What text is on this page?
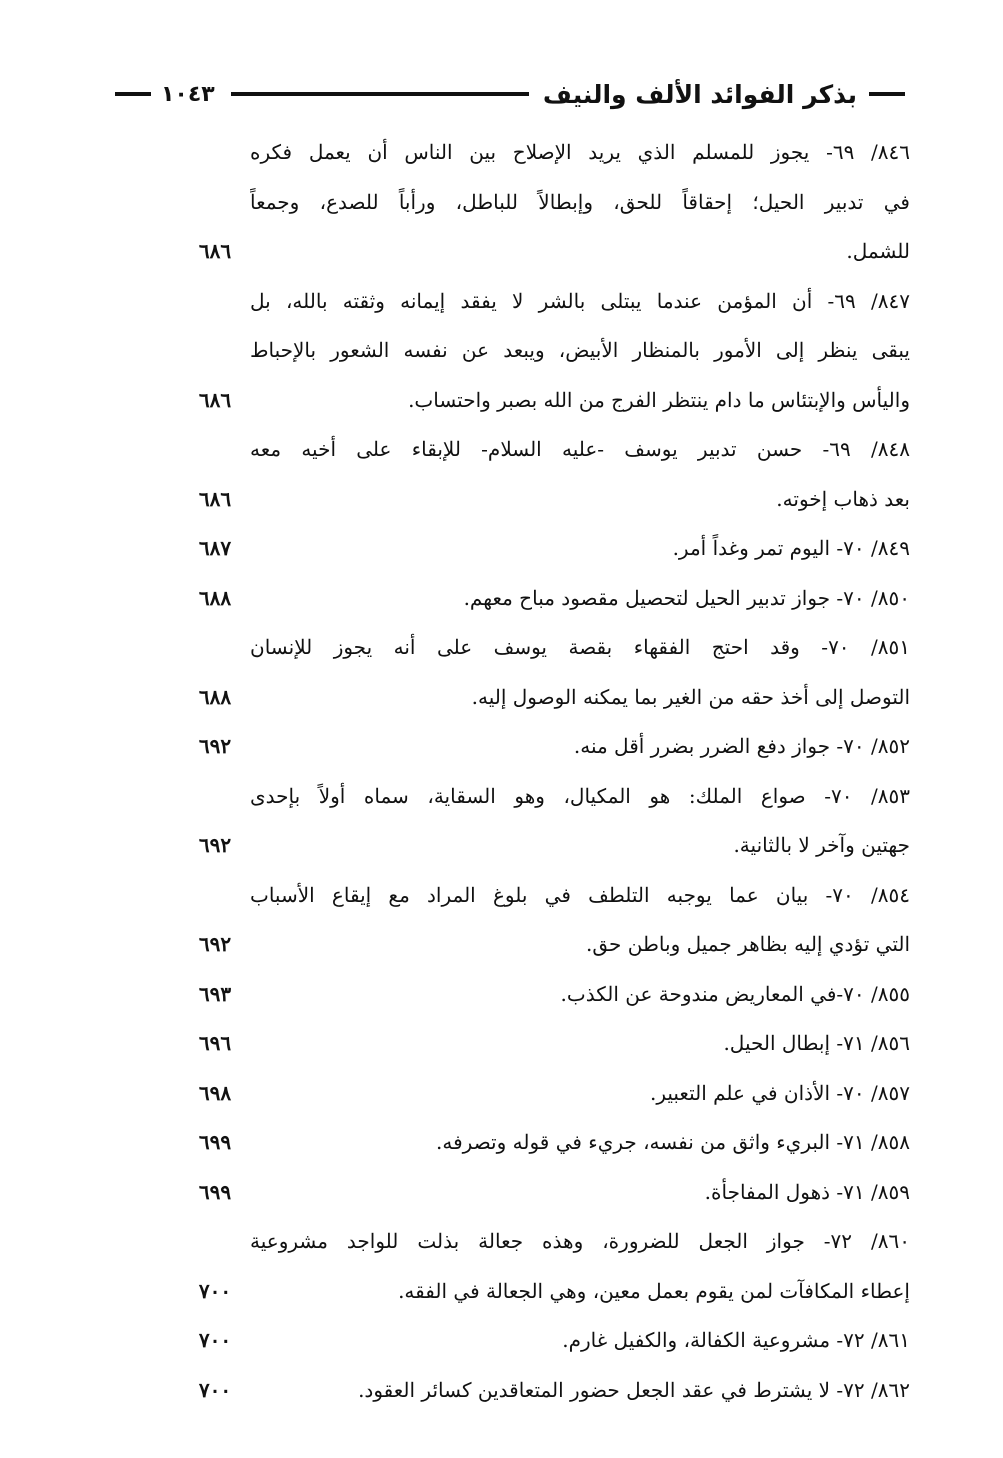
بذكر الفوائد الألف والنيف
١٠٤٣
٨٤٦/ ٦٩- يجوز للمسلم الذي يريد الإصلاح بين الناس أن يعمل فكره
في تدبير الحيل؛ إحقاقاً للحق، وإبطالاً للباطل، ورأباً للصدع، وجمعاً
للشمل.
٦٨٦
٨٤٧/ ٦٩- أن المؤمن عندما يبتلى بالشر لا يفقد إيمانه وثقته بالله، بل
يبقى ينظر إلى الأمور بالمنظار الأبيض، ويبعد عن نفسه الشعور بالإحباط
واليأس والإبتئاس ما دام ينتظر الفرج من الله بصبر واحتساب.
٦٨٦
٨٤٨/ ٦٩- حسن تدبير يوسف -عليه السلام- للإبقاء على أخيه معه
بعد ذهاب إخوته.
٦٨٦
٨٤٩/ ٧٠- اليوم تمر وغداً أمر.
٦٨٧
٨٥٠/ ٧٠- جواز تدبير الحيل لتحصيل مقصود مباح معهم.
٦٨٨
٨٥١/ ٧٠- وقد احتج الفقهاء بقصة يوسف على أنه يجوز للإنسان
التوصل إلى أخذ حقه من الغير بما يمكنه الوصول إليه.
٦٨٨
٨٥٢/ ٧٠- جواز دفع الضرر بضرر أقل منه.
٦٩٢
٨٥٣/ ٧٠- صواع الملك: هو المكيال، وهو السقاية، سماه أولاً بإحدى
جهتين وآخر لا بالثانية.
٦٩٢
٨٥٤/ ٧٠- بيان عما يوجبه التلطف في بلوغ المراد مع إيقاع الأسباب
التي تؤدي إليه بظاهر جميل وباطن حق.
٦٩٢
٨٥٥/ ٧٠-في المعاريض مندوحة عن الكذب.
٦٩٣
٨٥٦/ ٧١- إبطال الحيل.
٦٩٦
٨٥٧/ ٧٠- الأذان في علم التعبير.
٦٩٨
٨٥٨/ ٧١- البريء واثق من نفسه، جريء في قوله وتصرفه.
٦٩٩
٨٥٩/ ٧١- ذهول المفاجأة.
٦٩٩
٨٦٠/ ٧٢- جواز الجعل للضرورة، وهذه جعالة بذلت للواجد مشروعية
إعطاء المكافآت لمن يقوم بعمل معين، وهي الجعالة في الفقه.
٧٠٠
٨٦١/ ٧٢- مشروعية الكفالة، والكفيل غارم.
٧٠٠
٨٦٢/ ٧٢- لا يشترط في عقد الجعل حضور المتعاقدين كسائر العقود.
٧٠٠
